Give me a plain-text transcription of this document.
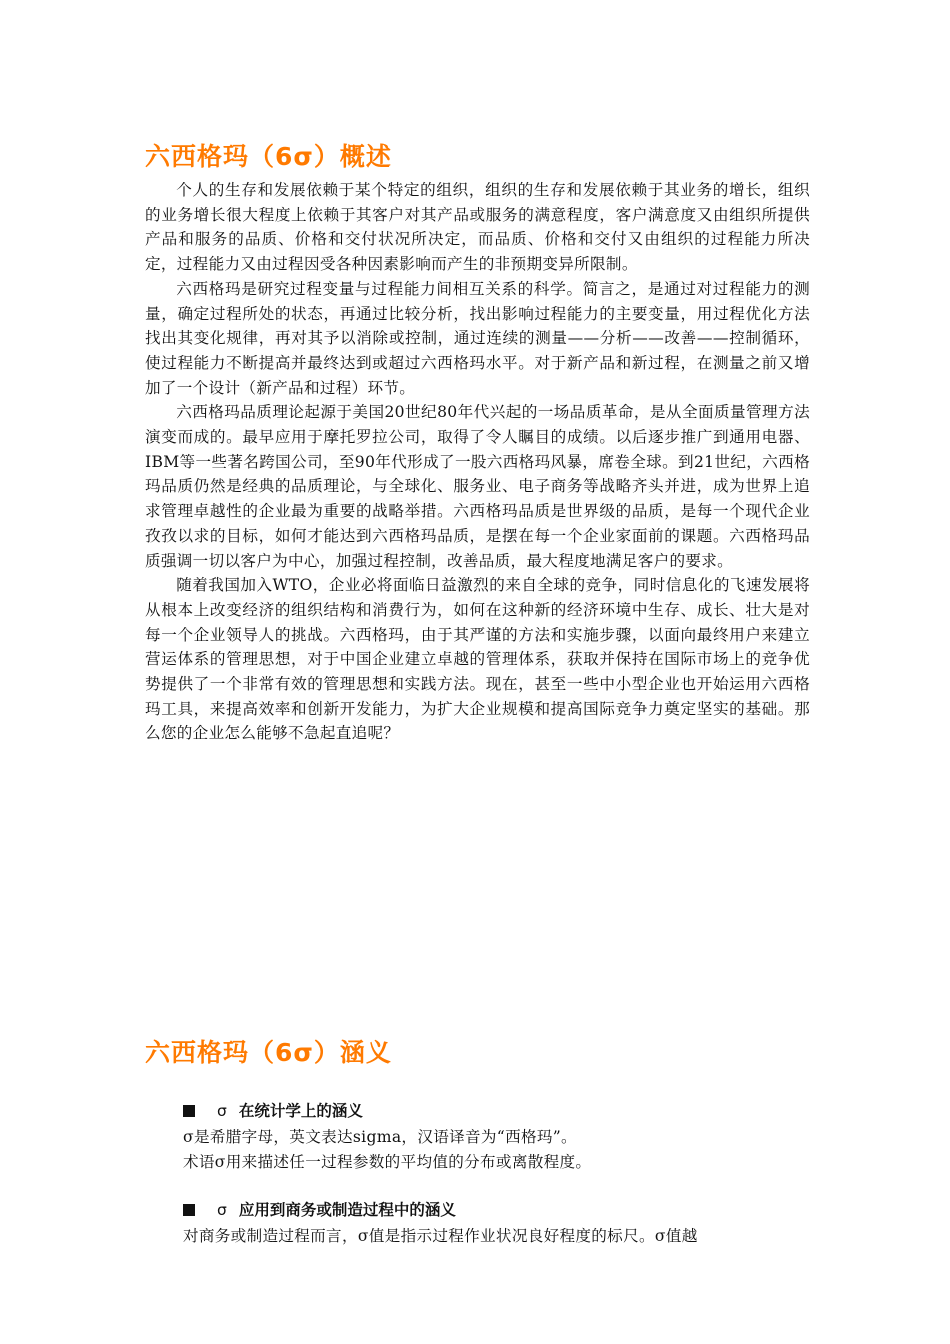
六西格玛（6σ）概述

个人的生存和发展依赖于某个特定的组织，组织的生存和发展依赖于其业务的增长，组织的业务增长很大程度上依赖于其客户对其产品或服务的满意程度，客户满意度又由组织所提供产品和服务的品质、价格和交付状况所决定，而品质、价格和交付又由组织的过程能力所决定，过程能力又由过程因受各种因素影响而产生的非预期变异所限制。

六西格玛是研究过程变量与过程能力间相互关系的科学。简言之，是通过对过程能力的测量，确定过程所处的状态，再通过比较分析，找出影响过程能力的主要变量，用过程优化方法找出其变化规律，再对其予以消除或控制，通过连续的测量——分析——改善——控制循环，使过程能力不断提高并最终达到或超过六西格玛水平。对于新产品和新过程，在测量之前又增加了一个设计（新产品和过程）环节。

六西格玛品质理论起源于美国20世纪80年代兴起的一场品质革命，是从全面质量管理方法演变而成的。最早应用于摩托罗拉公司，取得了令人瞩目的成绩。以后逐步推广到通用电器、IBM等一些著名跨国公司，至90年代形成了一股六西格玛风暴，席卷全球。到21世纪，六西格玛品质仍然是经典的品质理论，与全球化、服务业、电子商务等战略齐头并进，成为世界上追求管理卓越性的企业最为重要的战略举措。六西格玛品质是世界级的品质，是每一个现代企业孜孜以求的目标，如何才能达到六西格玛品质，是摆在每一个企业家面前的课题。六西格玛品质强调一切以客户为中心，加强过程控制，改善品质，最大程度地满足客户的要求。

随着我国加入WTO，企业必将面临日益激烈的来自全球的竞争，同时信息化的飞速发展将从根本上改变经济的组织结构和消费行为，如何在这种新的经济环境中生存、成长、壮大是对每一个企业领导人的挑战。六西格玛，由于其严谨的方法和实施步骤，以面向最终用户来建立营运体系的管理思想，对于中国企业建立卓越的管理体系，获取并保持在国际市场上的竞争优势提供了一个非常有效的管理思想和实践方法。现在，甚至一些中小型企业也开始运用六西格玛工具，来提高效率和创新开发能力，为扩大企业规模和提高国际竞争力奠定坚实的基础。那么您的企业怎么能够不急起直追呢？

六西格玛（6σ）涵义
σ 在统计学上的涵义
σ是希腊字母，英文表达sigma，汉语译音为“西格玛”。
术语σ用来描述任一过程参数的平均值的分布或离散程度。
σ 应用到商务或制造过程中的涵义
对商务或制造过程而言，σ值是指示过程作业状况良好程度的标尺。σ值越
